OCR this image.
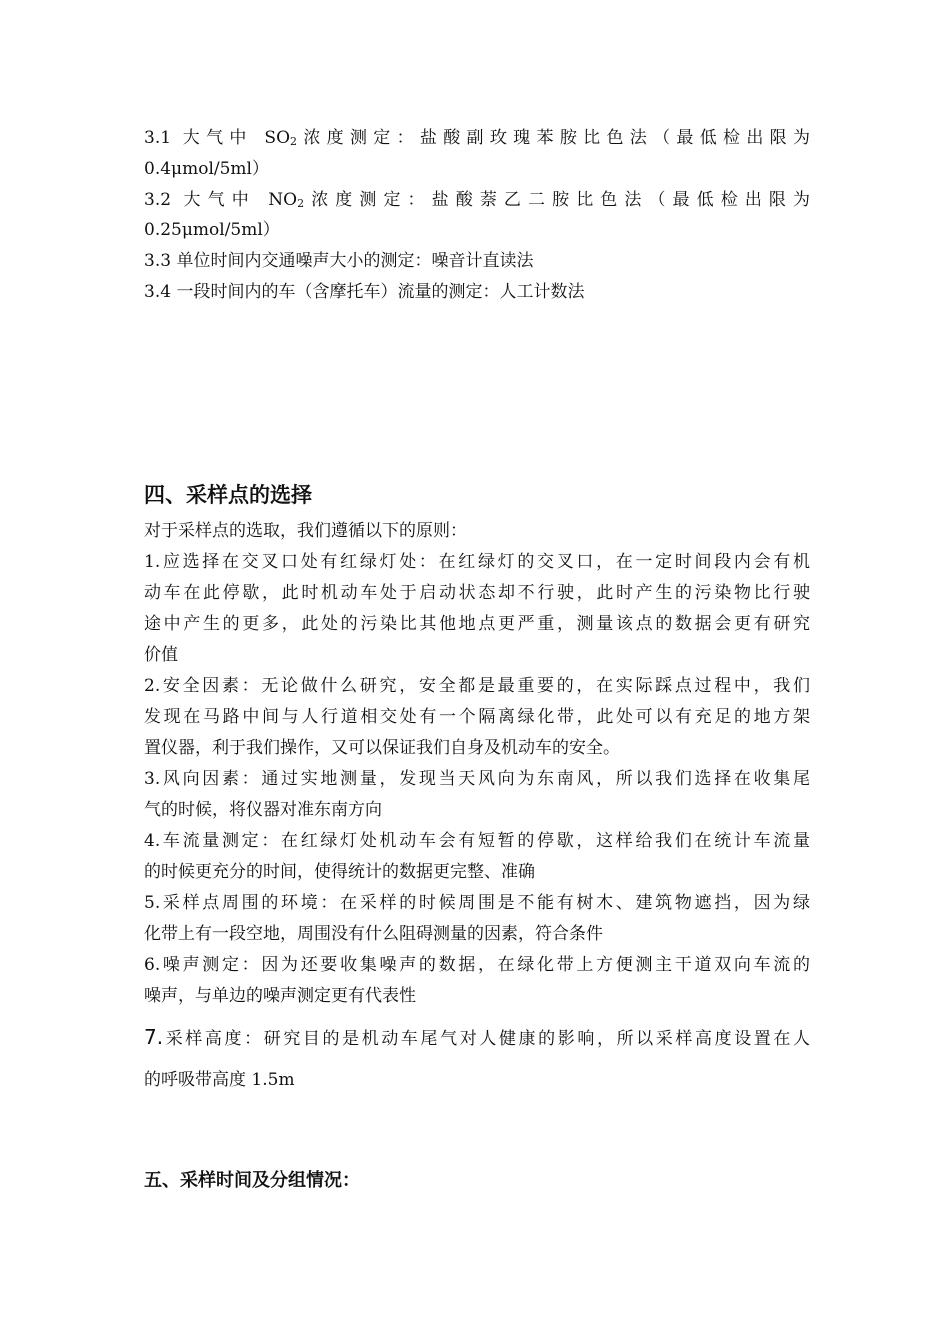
3.1 大气中 $SO_2$浓度测定：盐酸副玫瑰苯胺比色法（最低检出限为
0.4μmol/5ml）
3.2 大气中 $NO_2$浓度测定：盐酸萘乙二胺比色法（最低检出限为
0.25μmol/5ml）
3.3 单位时间内交通噪声大小的测定：噪音计直读法
3.4 一段时间内的车（含摩托车）流量的测定：人工计数法
四、采样点的选择
对于采样点的选取，我们遵循以下的原则：
1.应选择在交叉口处有红绿灯处：在红绿灯的交叉口，在一定时间段内会有机
动车在此停歇，此时机动车处于启动状态却不行驶，此时产生的污染物比行驶
途中产生的更多，此处的污染比其他地点更严重，测量该点的数据会更有研究
价值
2.安全因素：无论做什么研究，安全都是最重要的，在实际踩点过程中，我们
发现在马路中间与人行道相交处有一个隔离绿化带，此处可以有充足的地方架
置仪器，利于我们操作，又可以保证我们自身及机动车的安全。
3.风向因素：通过实地测量，发现当天风向为东南风，所以我们选择在收集尾
气的时候，将仪器对准东南方向
4.车流量测定：在红绿灯处机动车会有短暂的停歇，这样给我们在统计车流量
的时候更充分的时间，使得统计的数据更完整、准确
5.采样点周围的环境：在采样的时候周围是不能有树木、建筑物遮挡，因为绿
化带上有一段空地，周围没有什么阻碍测量的因素，符合条件
6.噪声测定：因为还要收集噪声的数据，在绿化带上方便测主干道双向车流的
噪声，与单边的噪声测定更有代表性
7.采样高度：研究目的是机动车尾气对人健康的影响，所以采样高度设置在人
的呼吸带高度 1.5m
五、采样时间及分组情况：
